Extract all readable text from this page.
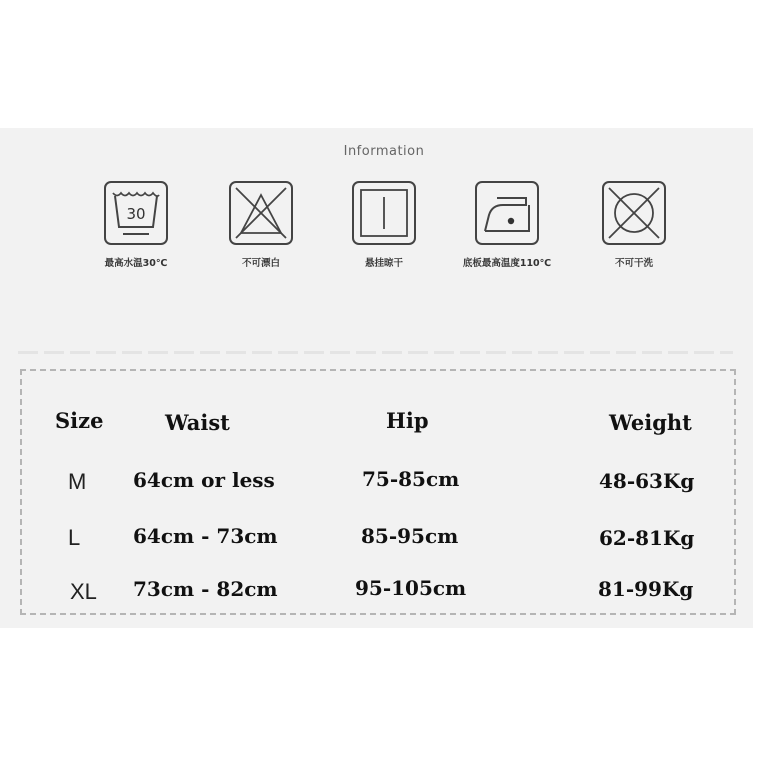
Information
30
最高水温30℃	不可漂白	悬挂晾干	底板最高温度110℃	不可干洗
Size	Waist	Hip	Weight
M 64cm or less	75-85cm	48-63Kg
L	64cm - 73cm	85-95cm	62-81Kg
XL 73cm - 82cm	95-105cm	81-99Kg
